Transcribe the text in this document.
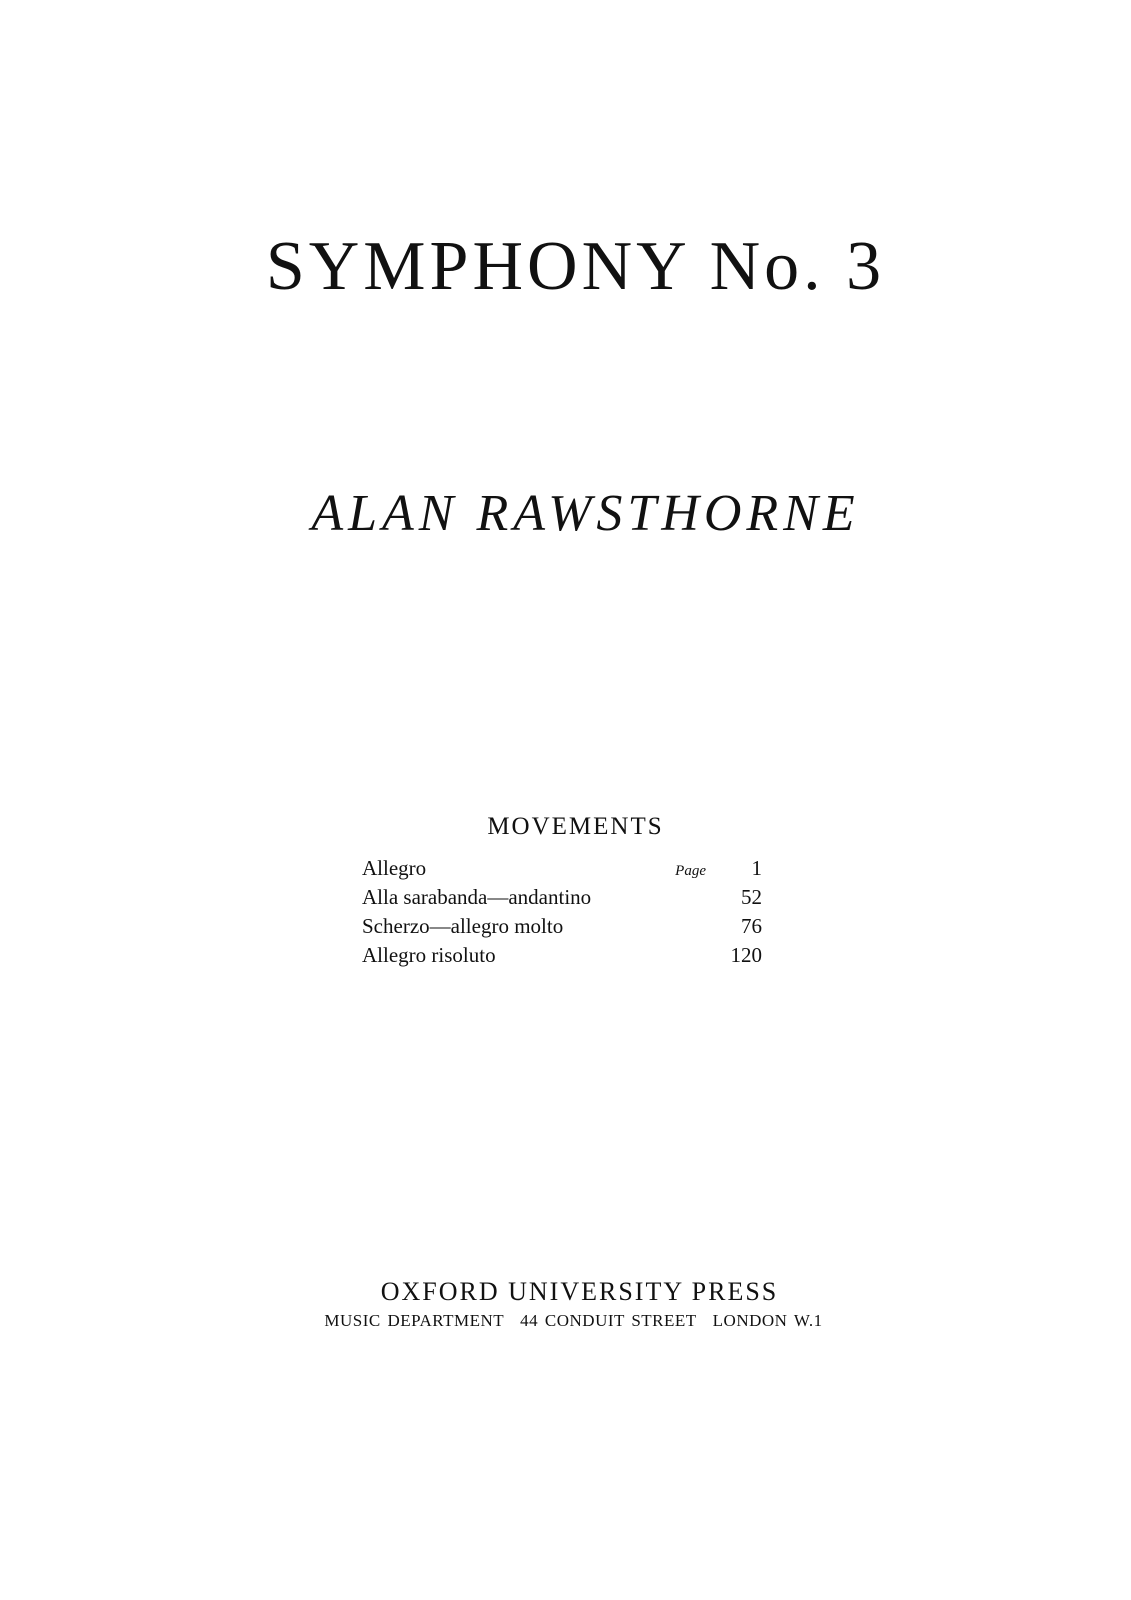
SYMPHONY No. 3
ALAN RAWSTHORNE
MOVEMENTS
Allegro	Page	1
Alla sarabanda—andantino	52
Scherzo—allegro molto	76
Allegro risoluto	120
OXFORD UNIVERSITY PRESS
MUSIC DEPARTMENT 44 CONDUIT STREET LONDON W.1
